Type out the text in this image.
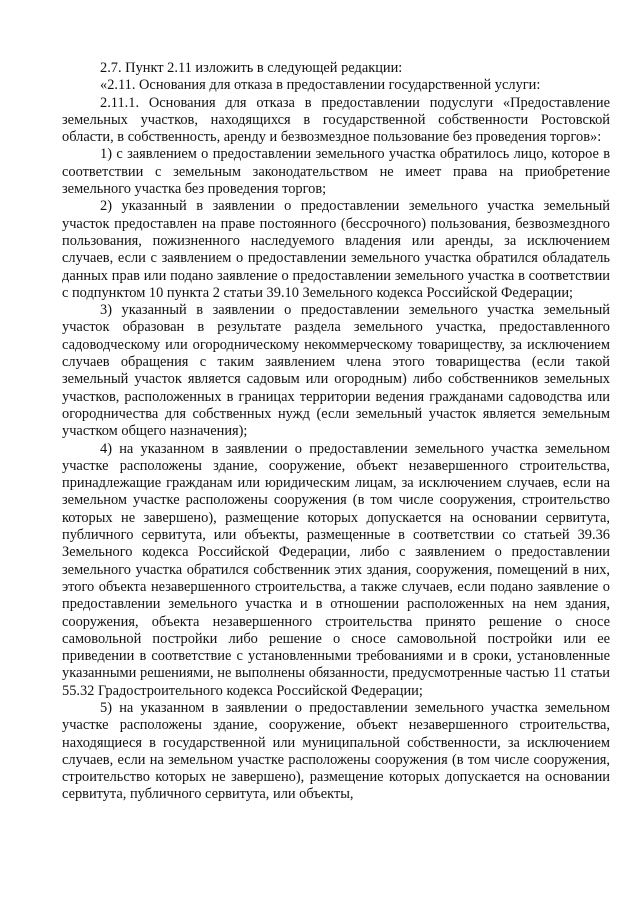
2.7. Пункт 2.11 изложить в следующей редакции:

«2.11. Основания для отказа в предоставлении государственной услуги:

2.11.1. Основания для отказа в предоставлении подуслуги «Предоставление земельных участков, находящихся в государственной собственности Ростовской области, в собственность, аренду и безвозмездное пользование без проведения торгов»:

1) с заявлением о предоставлении земельного участка обратилось лицо, которое в соответствии с земельным законодательством не имеет права на приобретение земельного участка без проведения торгов;

2) указанный в заявлении о предоставлении земельного участка земельный участок предоставлен на праве постоянного (бессрочного) пользования, безвозмездного пользования, пожизненного наследуемого владения или аренды, за исключением случаев, если с заявлением о предоставлении земельного участка обратился обладатель данных прав или подано заявление о предоставлении земельного участка в соответствии с подпунктом 10 пункта 2 статьи 39.10 Земельного кодекса Российской Федерации;

3) указанный в заявлении о предоставлении земельного участка земельный участок образован в результате раздела земельного участка, предоставленного садоводческому или огородническому некоммерческому товариществу, за исключением случаев обращения с таким заявлением члена этого товарищества (если такой земельный участок является садовым или огородным) либо собственников земельных участков, расположенных в границах территории ведения гражданами садоводства или огородничества для собственных нужд (если земельный участок является земельным участком общего назначения);

4) на указанном в заявлении о предоставлении земельного участка земельном участке расположены здание, сооружение, объект незавершенного строительства, принадлежащие гражданам или юридическим лицам, за исключением случаев, если на земельном участке расположены сооружения (в том числе сооружения, строительство которых не завершено), размещение которых допускается на основании сервитута, публичного сервитута, или объекты, размещенные в соответствии со статьей 39.36 Земельного кодекса Российской Федерации, либо с заявлением о предоставлении земельного участка обратился собственник этих здания, сооружения, помещений в них, этого объекта незавершенного строительства, а также случаев, если подано заявление о предоставлении земельного участка и в отношении расположенных на нем здания, сооружения, объекта незавершенного строительства принято решение о сносе самовольной постройки либо решение о сносе самовольной постройки или ее приведении в соответствие с установленными требованиями и в сроки, установленные указанными решениями, не выполнены обязанности, предусмотренные частью 11 статьи 55.32 Градостроительного кодекса Российской Федерации;

5) на указанном в заявлении о предоставлении земельного участка земельном участке расположены здание, сооружение, объект незавершенного строительства, находящиеся в государственной или муниципальной собственности, за исключением случаев, если на земельном участке расположены сооружения (в том числе сооружения, строительство которых не завершено), размещение которых допускается на основании сервитута, публичного сервитута, или объекты,
